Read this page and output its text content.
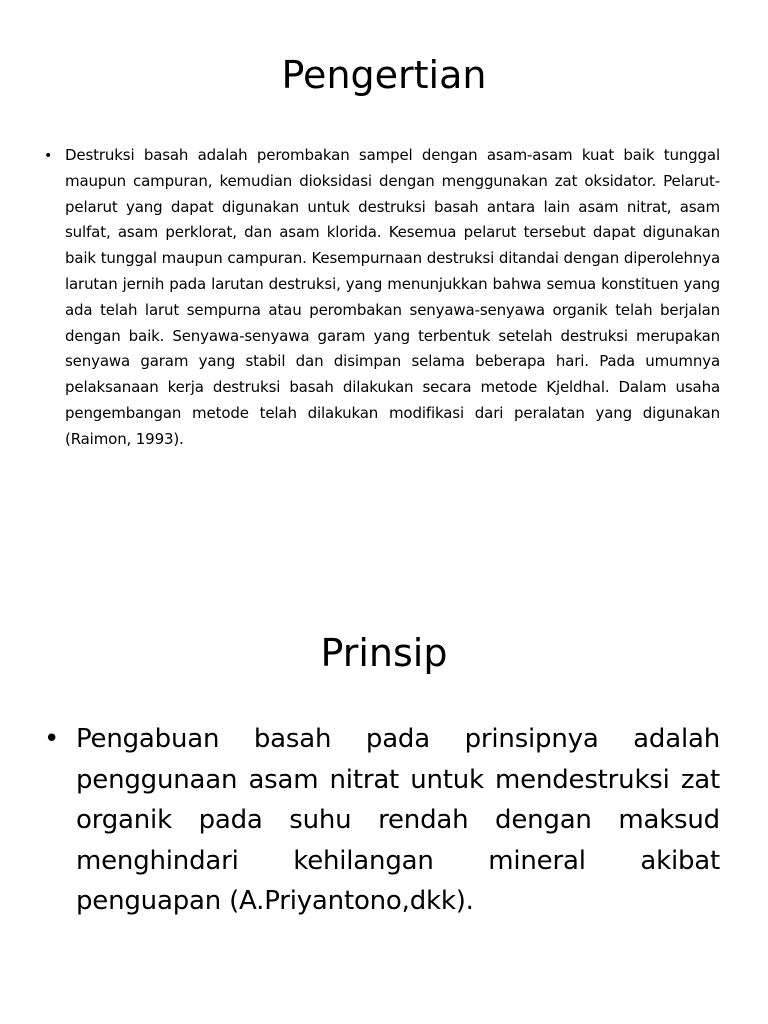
Pengertian
• Destruksi basah adalah perombakan sampel dengan asam-asam kuat baik tunggal maupun campuran, kemudian dioksidasi dengan menggunakan zat oksidator. Pelarut-pelarut yang dapat digunakan untuk destruksi basah antara lain asam nitrat, asam sulfat, asam perklorat, dan asam klorida. Kesemua pelarut tersebut dapat digunakan baik tunggal maupun campuran. Kesempurnaan destruksi ditandai dengan diperolehnya larutan jernih pada larutan destruksi, yang menunjukkan bahwa semua konstituen yang ada telah larut sempurna atau perombakan senyawa-senyawa organik telah berjalan dengan baik. Senyawa-senyawa garam yang terbentuk setelah destruksi merupakan senyawa garam yang stabil dan disimpan selama beberapa hari. Pada umumnya pelaksanaan kerja destruksi basah dilakukan secara metode Kjeldhal. Dalam usaha pengembangan metode telah dilakukan modifikasi dari peralatan yang digunakan (Raimon, 1993).

Prinsip
• Pengabuan basah pada prinsipnya adalah penggunaan asam nitrat untuk mendestruksi zat organik pada suhu rendah dengan maksud menghindari kehilangan mineral akibat penguapan (A.Priyantono,dkk).
